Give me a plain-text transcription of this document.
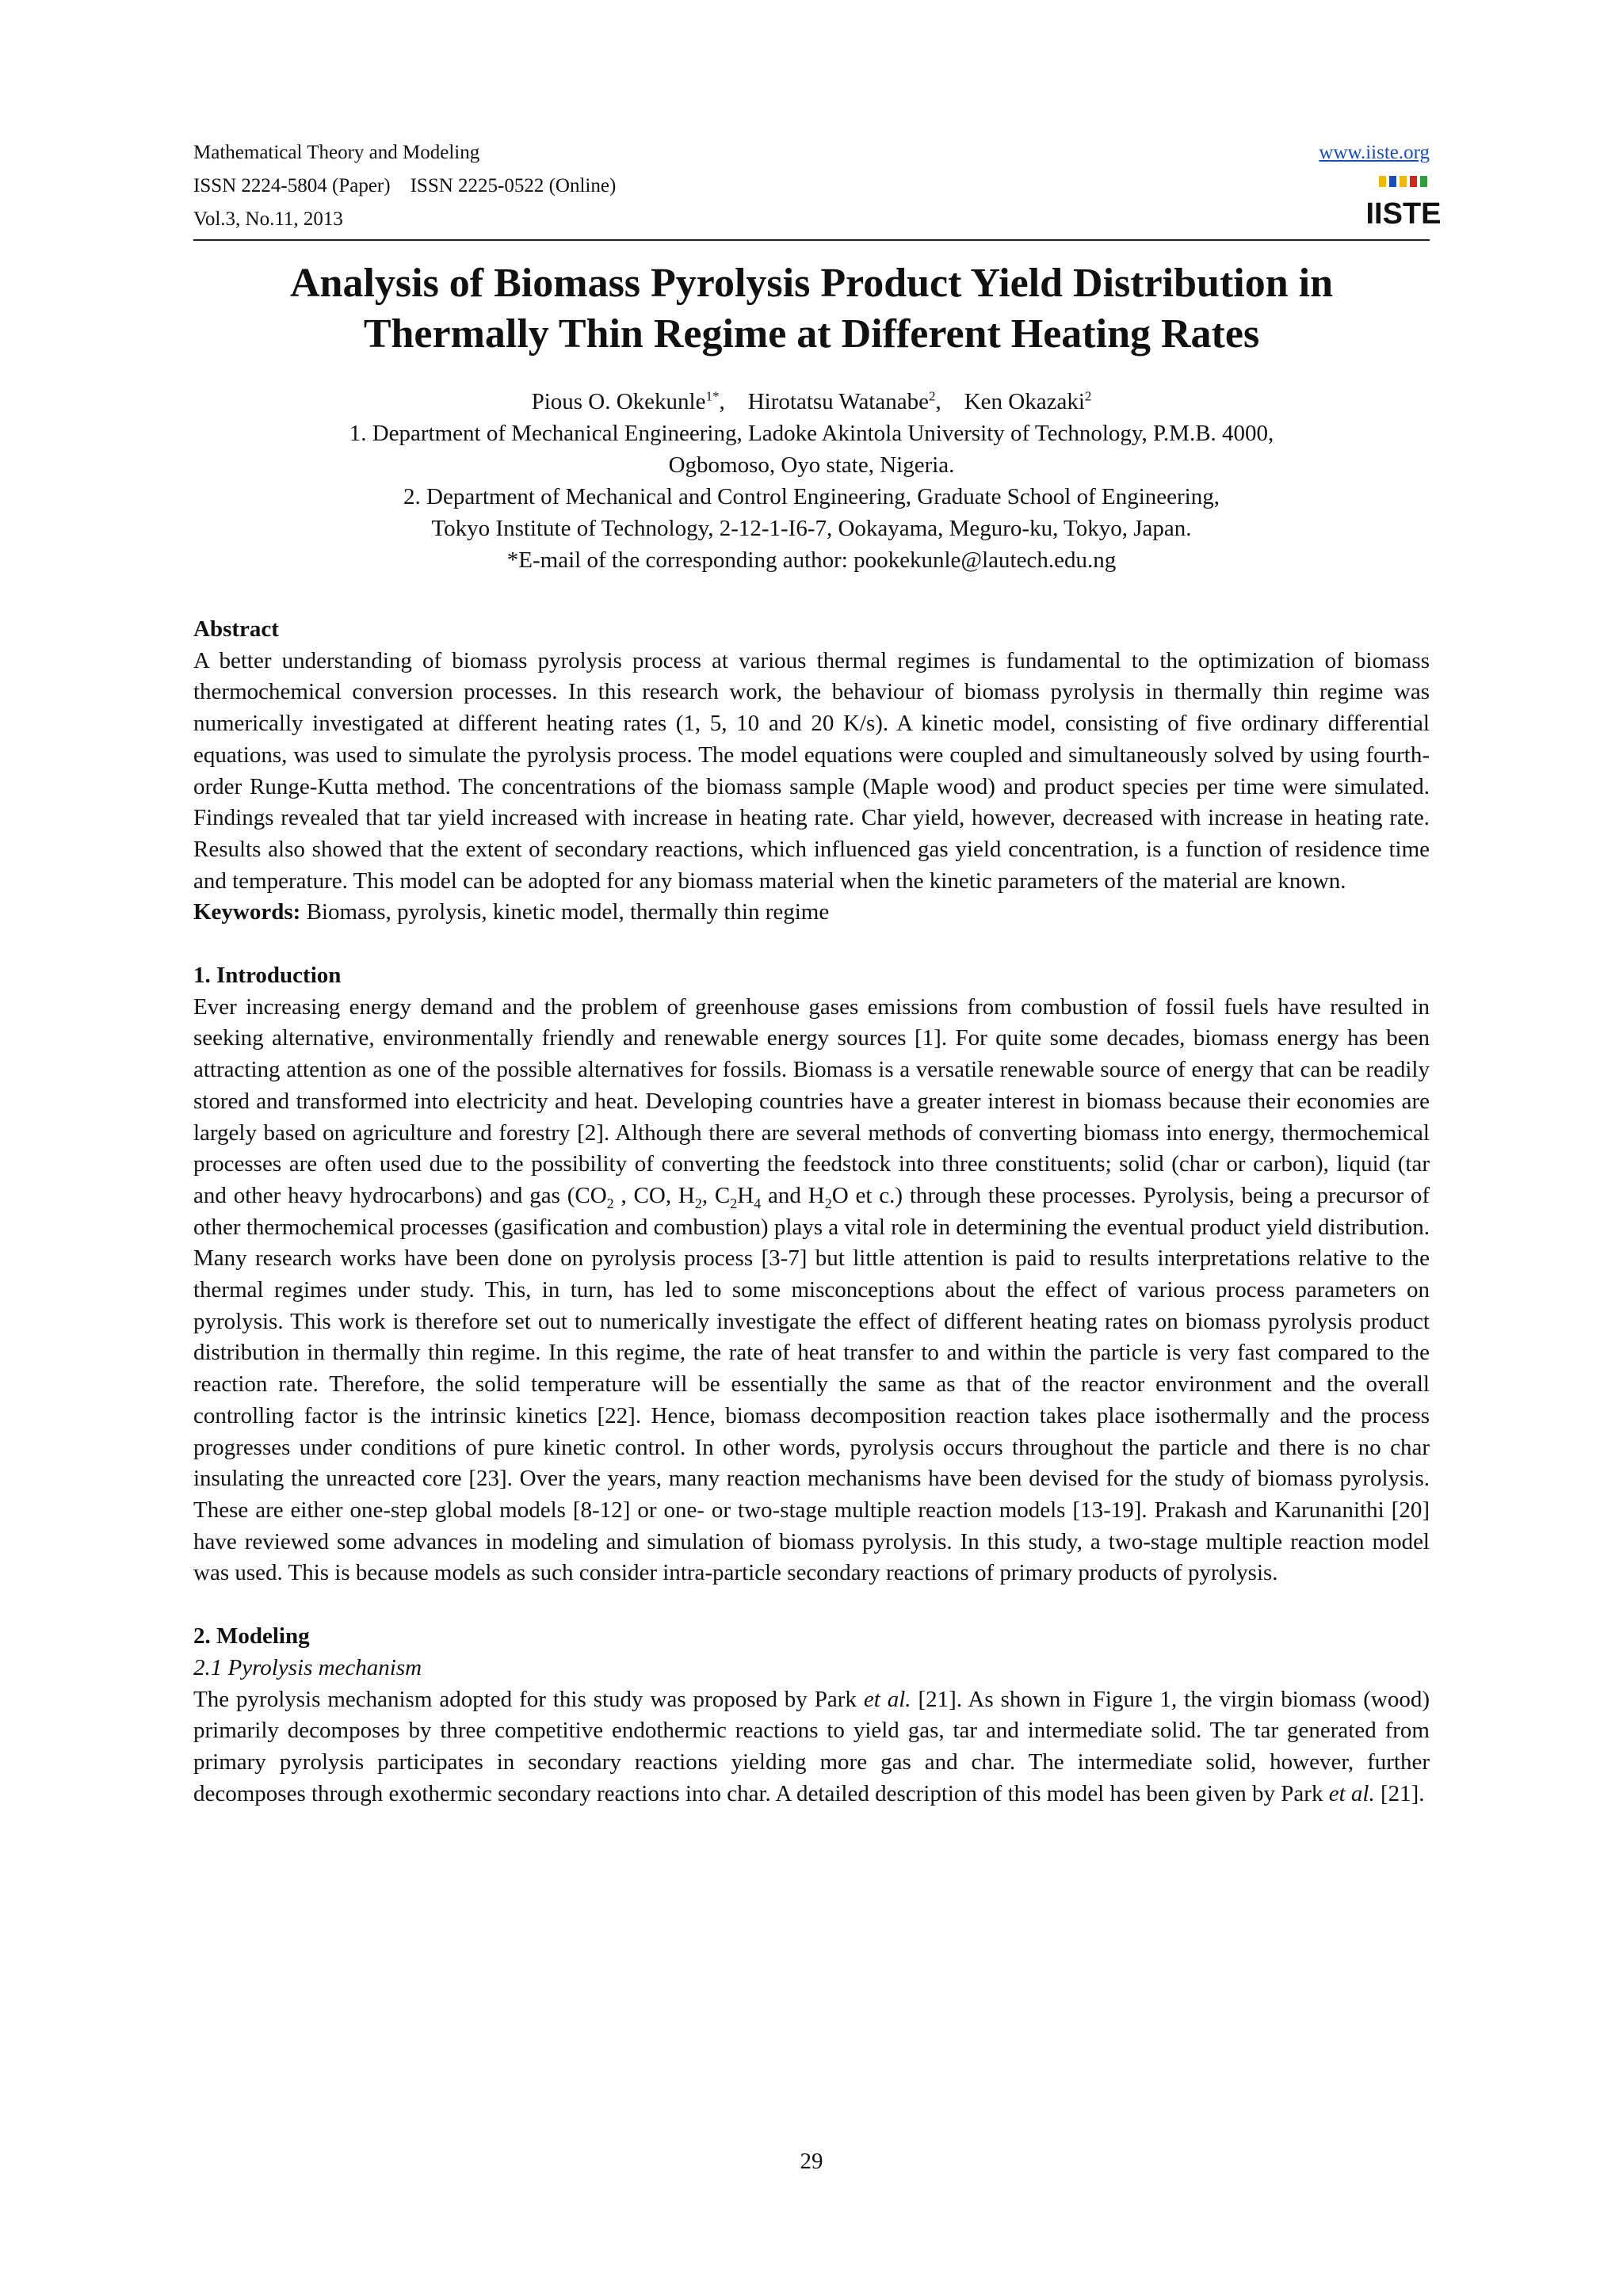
Mathematical Theory and Modeling
ISSN 2224-5804 (Paper) ISSN 2225-0522 (Online)
Vol.3, No.11, 2013
www.iiste.org
IISTE
Analysis of Biomass Pyrolysis Product Yield Distribution in
Thermally Thin Regime at Different Heating Rates
Pious O. Okekunle$^{1*}$,    Hirotatsu Watanabe$^2$,    Ken Okazaki$^2$
1. Department of Mechanical Engineering, Ladoke Akintola University of Technology, P.M.B. 4000,
Ogbomoso, Oyo state, Nigeria.
2. Department of Mechanical and Control Engineering, Graduate School of Engineering,
Tokyo Institute of Technology, 2-12-1-I6-7, Ookayama, Meguro-ku, Tokyo, Japan.
*E-mail of the corresponding author: pookekunle@lautech.edu.ng

Abstract

A better understanding of biomass pyrolysis process at various thermal regimes is fundamental to the optimization of biomass thermochemical conversion processes. In this research work, the behaviour of biomass pyrolysis in thermally thin regime was numerically investigated at different heating rates (1, 5, 10 and 20 K/s). A kinetic model, consisting of five ordinary differential equations, was used to simulate the pyrolysis process. The model equations were coupled and simultaneously solved by using fourth-order Runge-Kutta method. The concentrations of the biomass sample (Maple wood) and product species per time were simulated. Findings revealed that tar yield increased with increase in heating rate. Char yield, however, decreased with increase in heating rate. Results also showed that the extent of secondary reactions, which influenced gas yield concentration, is a function of residence time and temperature. This model can be adopted for any biomass material when the kinetic parameters of the material are known.

Keywords: Biomass, pyrolysis, kinetic model, thermally thin regime

1. Introduction

Ever increasing energy demand and the problem of greenhouse gases emissions from combustion of fossil fuels have resulted in seeking alternative, environmentally friendly and renewable energy sources [1]. For quite some decades, biomass energy has been attracting attention as one of the possible alternatives for fossils. Biomass is a versatile renewable source of energy that can be readily stored and transformed into electricity and heat. Developing countries have a greater interest in biomass because their economies are largely based on agriculture and forestry [2]. Although there are several methods of converting biomass into energy, thermochemical processes are often used due to the possibility of converting the feedstock into three constituents; solid (char or carbon), liquid (tar and other heavy hydrocarbons) and gas ($CO_2$ , CO, $H_2$, $C_2H_4$ and $H_2O$ et c.) through these processes. Pyrolysis, being a precursor of other thermochemical processes (gasification and combustion) plays a vital role in determining the eventual product yield distribution. Many research works have been done on pyrolysis process [3-7] but little attention is paid to results interpretations relative to the thermal regimes under study. This, in turn, has led to some misconceptions about the effect of various process parameters on pyrolysis. This work is therefore set out to numerically investigate the effect of different heating rates on biomass pyrolysis product distribution in thermally thin regime. In this regime, the rate of heat transfer to and within the particle is very fast compared to the reaction rate. Therefore, the solid temperature will be essentially the same as that of the reactor environment and the overall controlling factor is the intrinsic kinetics [22]. Hence, biomass decomposition reaction takes place isothermally and the process progresses under conditions of pure kinetic control. In other words, pyrolysis occurs throughout the particle and there is no char insulating the unreacted core [23]. Over the years, many reaction mechanisms have been devised for the study of biomass pyrolysis. These are either one-step global models [8-12] or one- or two-stage multiple reaction models [13-19]. Prakash and Karunanithi [20] have reviewed some advances in modeling and simulation of biomass pyrolysis. In this study, a two-stage multiple reaction model was used. This is because models as such consider intra-particle secondary reactions of primary products of pyrolysis.

2. Modeling

2.1 Pyrolysis mechanism

The pyrolysis mechanism adopted for this study was proposed by Park et al. [21]. As shown in Figure 1, the virgin biomass (wood) primarily decomposes by three competitive endothermic reactions to yield gas, tar and intermediate solid. The tar generated from primary pyrolysis participates in secondary reactions yielding more gas and char. The intermediate solid, however, further decomposes through exothermic secondary reactions into char. A detailed description of this model has been given by Park et al. [21].

29
